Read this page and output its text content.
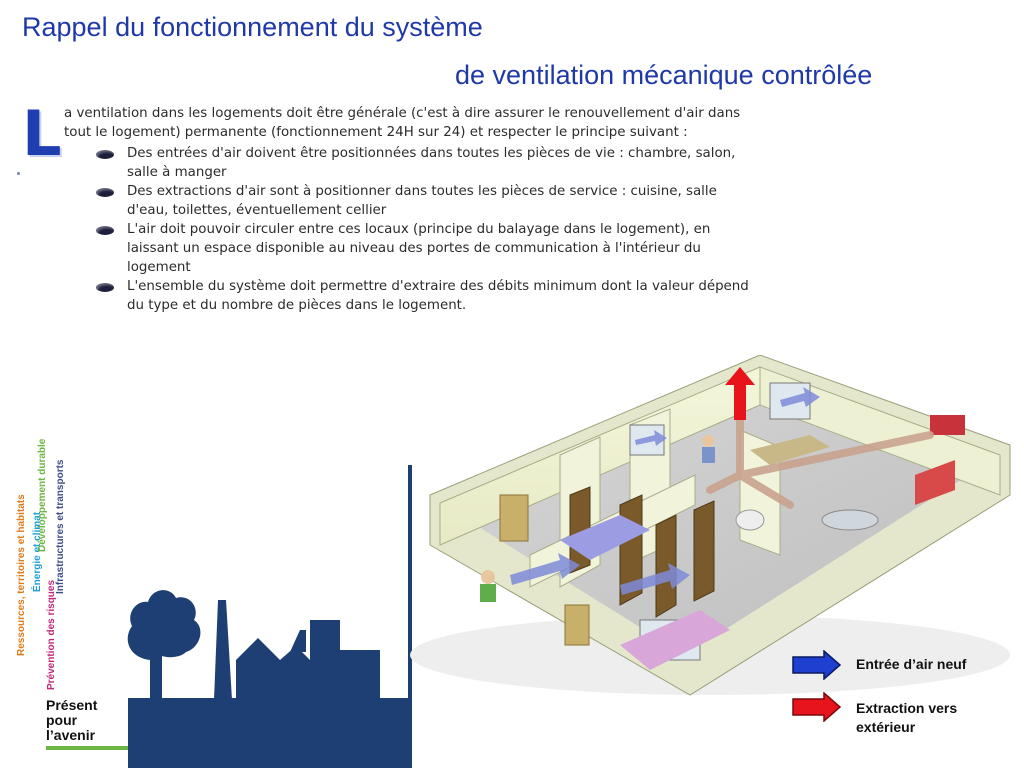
Rappel du fonctionnement du système
de ventilation mécanique contrôlée
L a ventilation dans les logements doit être générale (c'est à dire assurer le renouvellement d'air dans tout le logement) permanente (fonctionnement 24H sur 24) et respecter le principe suivant :

Des entrées d'air doivent être positionnées dans toutes les pièces de vie : chambre, salon, salle à manger
Des extractions d'air sont à positionner dans toutes les pièces de service : cuisine, salle d'eau, toilettes, éventuellement cellier
L'air doit pouvoir circuler entre ces locaux (principe du balayage dans le logement), en laissant un espace disponible au niveau des portes de communication à l'intérieur du logement
L'ensemble du système doit permettre d'extraire des débits minimum dont la valeur dépend du type et du nombre de pièces dans le logement.
Ressources, territoires et habitats Prévention des risques
Énergie et climat
Développement durable Infrastructures et transports
Présent
pour
l’avenir
Entrée d’air neuf
Extraction vers
extérieur
